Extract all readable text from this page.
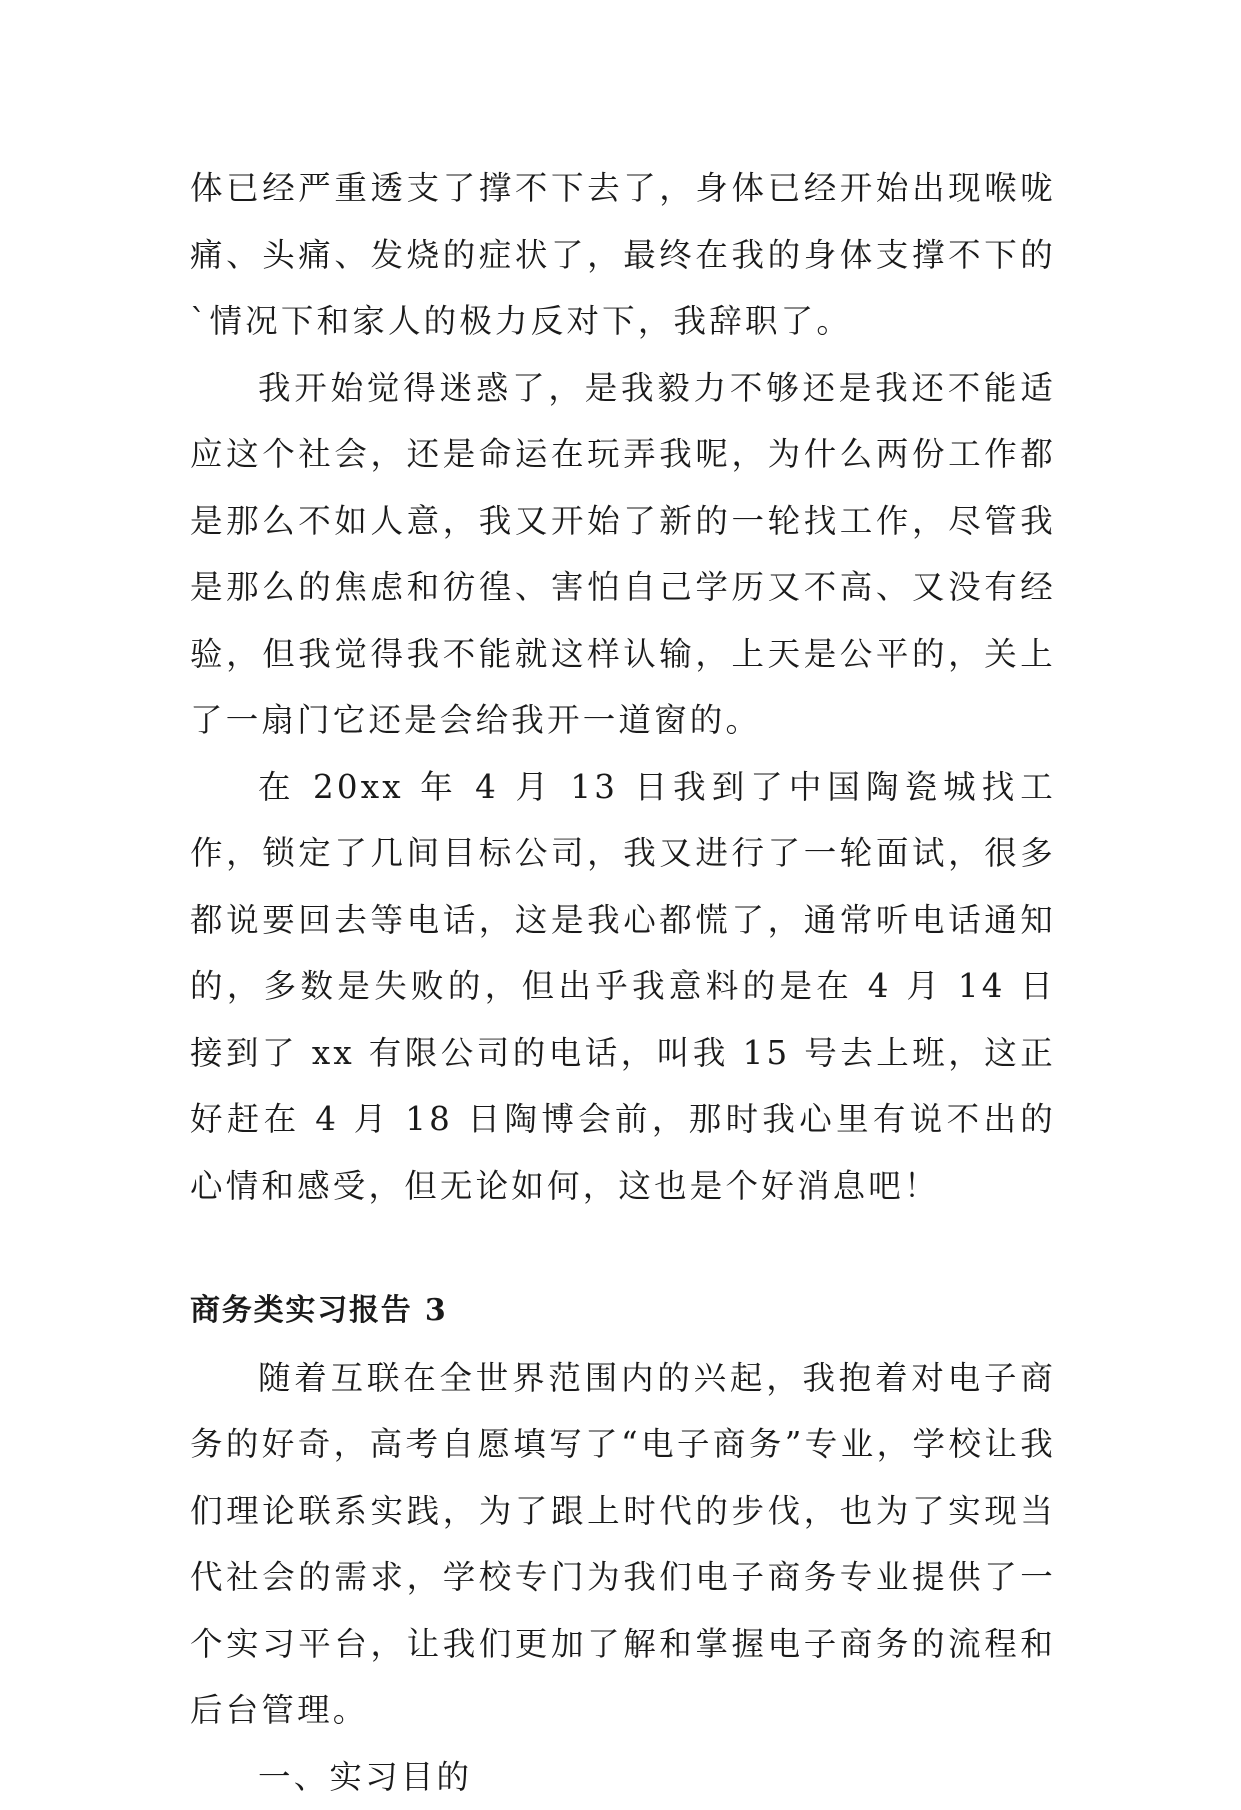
体已经严重透支了撑不下去了，身体已经开始出现喉咙痛、头痛、发烧的症状了，最终在我的身体支撑不下的`情况下和家人的极力反对下，我辞职了。

我开始觉得迷惑了，是我毅力不够还是我还不能适应这个社会，还是命运在玩弄我呢，为什么两份工作都是那么不如人意，我又开始了新的一轮找工作，尽管我是那么的焦虑和彷徨、害怕自己学历又不高、又没有经验，但我觉得我不能就这样认输，上天是公平的，关上了一扇门它还是会给我开一道窗的。

在 20xx 年 4 月 13 日我到了中国陶瓷城找工作，锁定了几间目标公司，我又进行了一轮面试，很多都说要回去等电话，这是我心都慌了，通常听电话通知的，多数是失败的，但出乎我意料的是在 4 月 14 日接到了 xx 有限公司的电话，叫我 15 号去上班，这正好赶在 4 月 18 日陶博会前，那时我心里有说不出的心情和感受，但无论如何，这也是个好消息吧！

商务类实习报告 3

随着互联在全世界范围内的兴起，我抱着对电子商务的好奇，高考自愿填写了“电子商务”专业，学校让我们理论联系实践，为了跟上时代的步伐，也为了实现当代社会的需求，学校专门为我们电子商务专业提供了一个实习平台，让我们更加了解和掌握电子商务的流程和后台管理。

一、实习目的
